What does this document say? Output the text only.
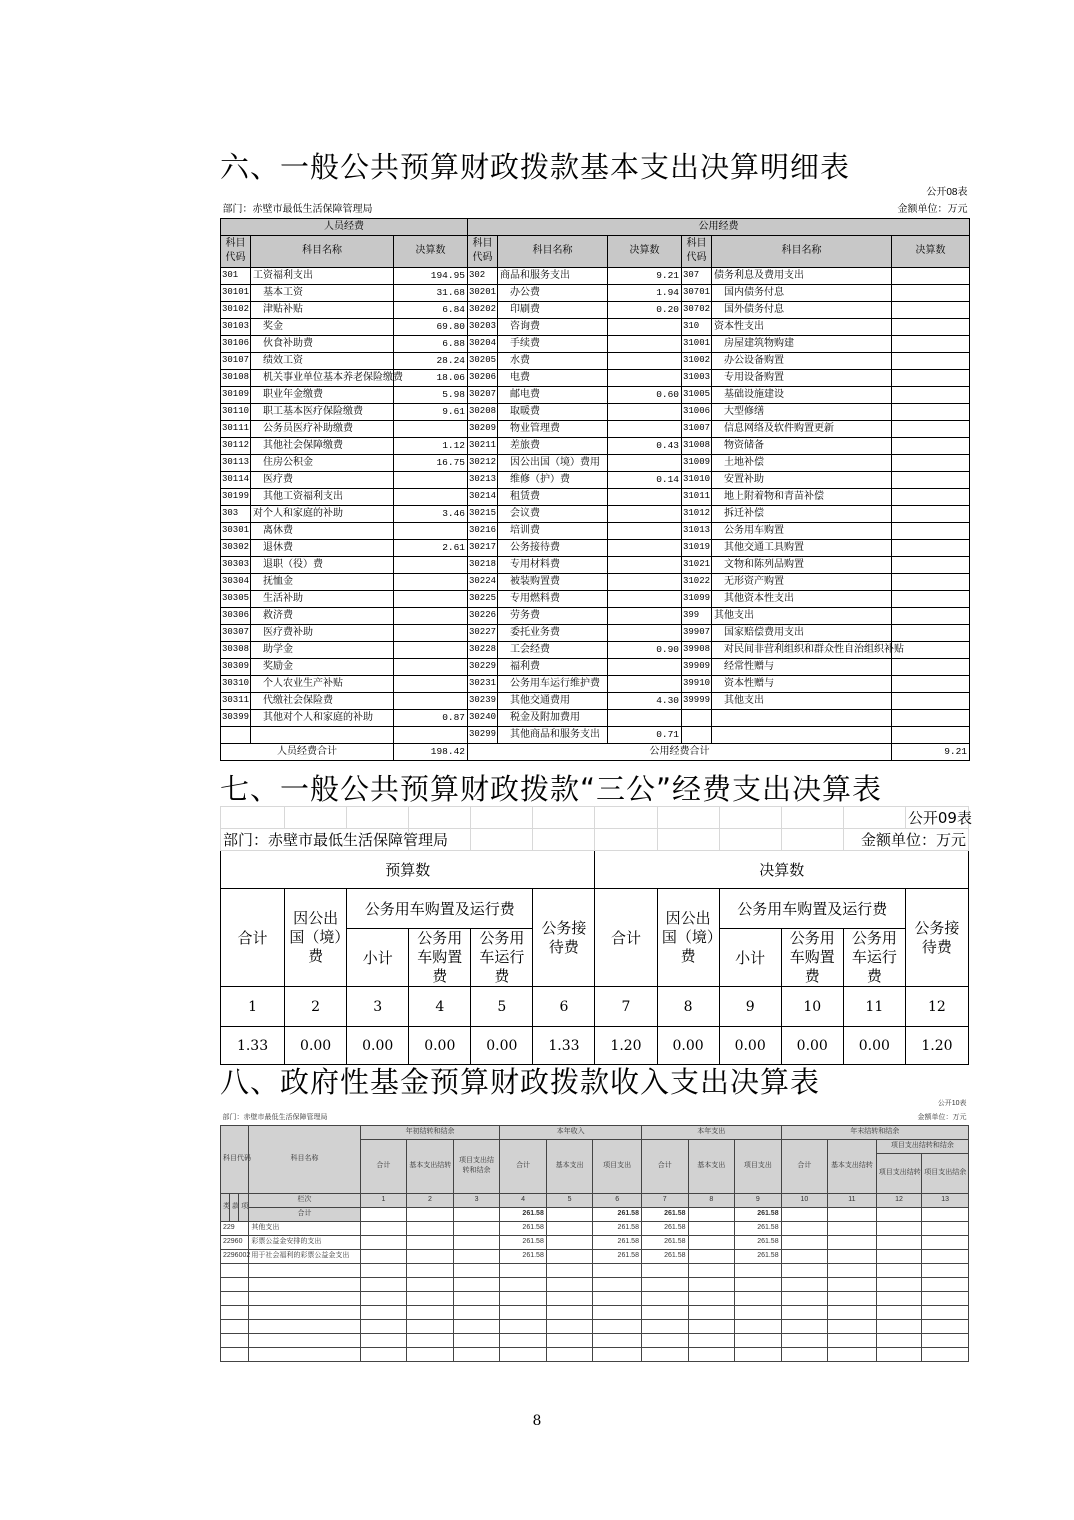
六、一般公共预算财政拨款基本支出决算明细表
								公开08表
部门：赤壁市最低生活保障管理局						金额单位：万元		
人员经费			公用经费					
科目代码	科目名称	决算数	科目代码	科目名称	决算数	科目代码	科目名称	决算数
301	工资福利支出	194.95	302	商品和服务支出	9.21	307	债务利息及费用支出	
30101	基本工资	31.68	30201	办公费	1.94	30701	国内债务付息	
30102	津贴补贴	6.84	30202	印刷费	0.20	30702	国外债务付息	
30103	奖金	69.80	30203	咨询费		310	资本性支出	
30106	伙食补助费	6.88	30204	手续费		31001	房屋建筑物购建	
30107	绩效工资	28.24	30205	水费		31002	办公设备购置	
30108	机关事业单位基本养老保险缴费	18.06	30206	电费		31003	专用设备购置	
30109	职业年金缴费	5.98	30207	邮电费	0.60	31005	基础设施建设	
30110	职工基本医疗保险缴费	9.61	30208	取暖费		31006	大型修缮	
30111	公务员医疗补助缴费		30209	物业管理费		31007	信息网络及软件购置更新	
30112	其他社会保障缴费	1.12	30211	差旅费	0.43	31008	物资储备	
30113	住房公积金	16.75	30212	因公出国（境）费用		31009	土地补偿	
30114	医疗费		30213	维修（护）费	0.14	31010	安置补助	
30199	其他工资福利支出		30214	租赁费		31011	地上附着物和青苗补偿	
303	对个人和家庭的补助	3.46	30215	会议费		31012	拆迁补偿	
30301	离休费		30216	培训费		31013	公务用车购置	
30302	退休费	2.61	30217	公务接待费		31019	其他交通工具购置	
30303	退职（役）费		30218	专用材料费		31021	文物和陈列品购置	
30304	抚恤金		30224	被装购置费		31022	无形资产购置	
30305	生活补助		30225	专用燃料费		31099	其他资本性支出	
30306	救济费		30226	劳务费		399	其他支出	
30307	医疗费补助		30227	委托业务费		39907	国家赔偿费用支出	
30308	助学金		30228	工会经费	0.90	39908	对民间非营利组织和群众性自治组织补贴	
30309	奖励金		30229	福利费		39909	经常性赠与	
30310	个人农业生产补贴		30231	公务用车运行维护费		39910	资本性赠与	
30311	代缴社会保险费		30239	其他交通费用	4.30	39999	其他支出	
30399	其他对个人和家庭的补助	0.87	30240	税金及附加费用				
			30299	其他商品和服务支出	0.71			
人员经费合计		198.42	公用经费合计					9.21
七、一般公共预算财政拨款“三公”经费支出决算表
											公开09表
部门：赤壁市最低生活保障管理局										金额单位：万元	
预算数						决算数					
合计	因公出国（境）费	公务用车购置及运行费			公务接待费	合计	因公出国（境）费	公务用车购置及运行费			公务接待费
		小计	公务用车购置费	公务用车运行费				小计	公务用车购置费	公务用车运行费	
1	2	3	4	5	6	7	8	9	10	11	12
1.33	0.00	0.00	0.00	0.00	1.33	1.20	0.00	0.00	0.00	0.00	1.20
八、政府性基金预算财政拨款收入支出决算表
																公开10表
部门：赤壁市最低生活保障管理局															金额单位：万元	
科目代码			科目名称	年初结转和结余			本年收入			本年支出			年末结转和结余			
				合计	基本支出结转	项目支出结转和结余	合计	基本支出	项目支出	合计	基本支出	项目支出	合计	基本支出结转	项目支出结转和结余	
															项目支出结转	项目支出结余
类	款	项	栏次	1	2	3	4	5	6	7	8	9	10	11	12	13
			合计				261.58		261.58	261.58		261.58				
229			其他支出				261.58		261.58	261.58		261.58				
22960			彩票公益金安排的支出				261.58		261.58	261.58		261.58				
2296002			用于社会福利的彩票公益金支出				261.58		261.58	261.58		261.58				

8
